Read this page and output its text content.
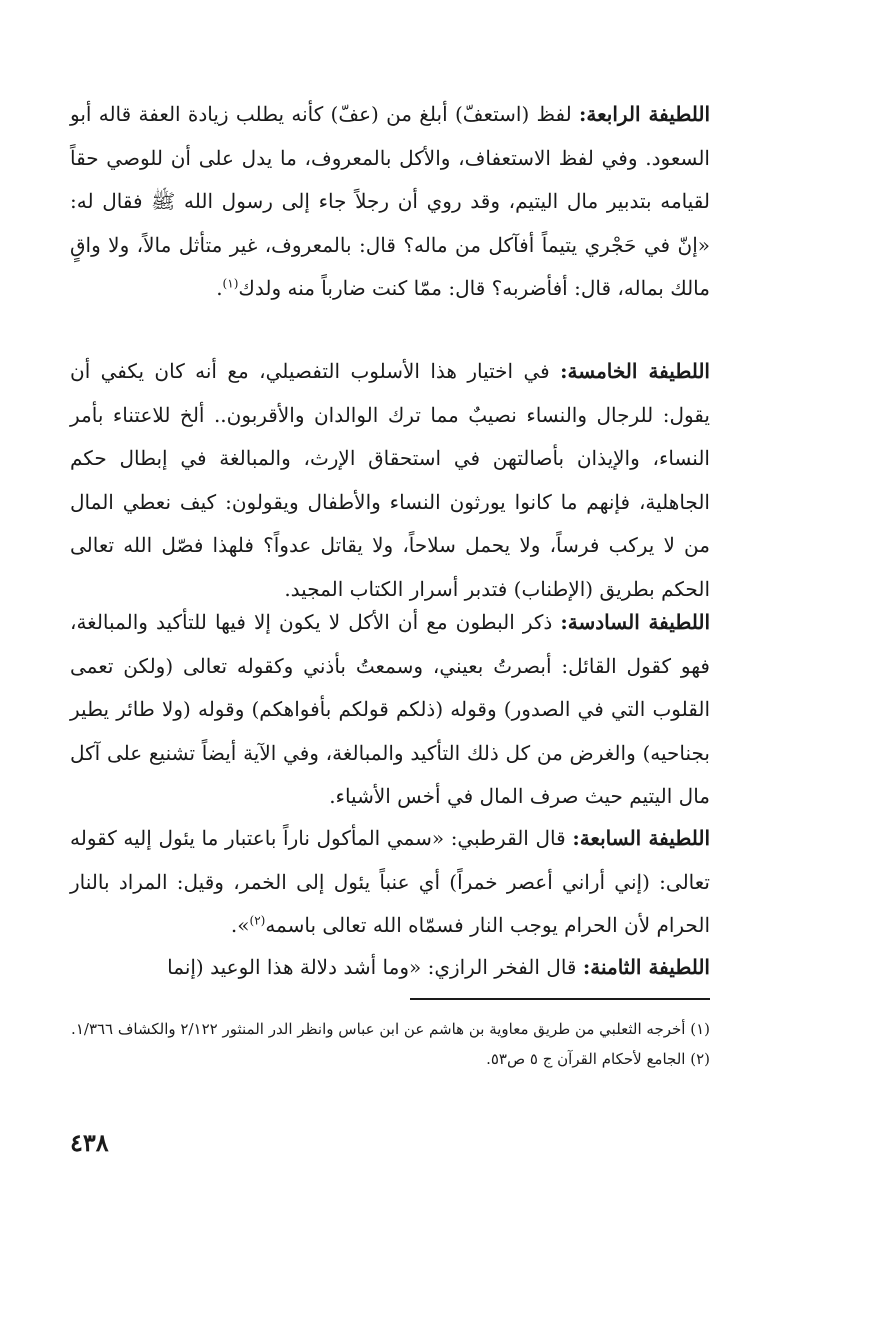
اللطيفة الرابعة: لفظ (استعفّ) أبلغ من (عفّ) كأنه يطلب زيادة العفة قاله أبو السعود. وفي لفظ الاستعفاف، والأكل بالمعروف، ما يدل على أن للوصي حقاً لقيامه بتدبير مال اليتيم، وقد روي أن رجلاً جاء إلى رسول الله ﷺ فقال له: «إنّ في حَجْري يتيماً أفآكل من ماله؟ قال: بالمعروف، غير متأثل مالاً، ولا واقٍ مالك بماله، قال: أفأضربه؟ قال: ممّا كنت ضارباً منه ولدك$^{(١)}$.

اللطيفة الخامسة: في اختيار هذا الأسلوب التفصيلي، مع أنه كان يكفي أن يقول: للرجال والنساء نصيبٌ مما ترك الوالدان والأقربون.. ألخ للاعتناء بأمر النساء، والإيذان بأصالتهن في استحقاق الإرث، والمبالغة في إبطال حكم الجاهلية، فإنهم ما كانوا يورثون النساء والأطفال ويقولون: كيف نعطي المال من لا يركب فرساً، ولا يحمل سلاحاً، ولا يقاتل عدواً؟ فلهذا فصّل الله تعالى الحكم بطريق (الإطناب) فتدبر أسرار الكتاب المجيد.

اللطيفة السادسة: ذكر البطون مع أن الأكل لا يكون إلا فيها للتأكيد والمبالغة، فهو كقول القائل: أبصرتُ بعيني، وسمعتُ بأذني وكقوله تعالى (ولكن تعمى القلوب التي في الصدور) وقوله (ذلكم قولكم بأفواهكم) وقوله (ولا طائر يطير بجناحيه) والغرض من كل ذلك التأكيد والمبالغة، وفي الآية أيضاً تشنيع على آكل مال اليتيم حيث صرف المال في أخس الأشياء.

اللطيفة السابعة: قال القرطبي: «سمي المأكول ناراً باعتبار ما يئول إليه كقوله تعالى: (إني أراني أعصر خمراً) أي عنباً يئول إلى الخمر، وقيل: المراد بالنار الحرام لأن الحرام يوجب النار فسمّاه الله تعالى باسمه$^{(٢)}$».

اللطيفة الثامنة: قال الفخر الرازي: «وما أشد دلالة هذا الوعيد (إنما

(١) أخرجه الثعلبي من طريق معاوية بن هاشم عن ابن عباس وانظر الدر المنثور ٢/١٢٢ والكشاف ١/٣٦٦.

(٢) الجامع لأحكام القرآن ج ٥ ص٥٣.

٤٣٨
